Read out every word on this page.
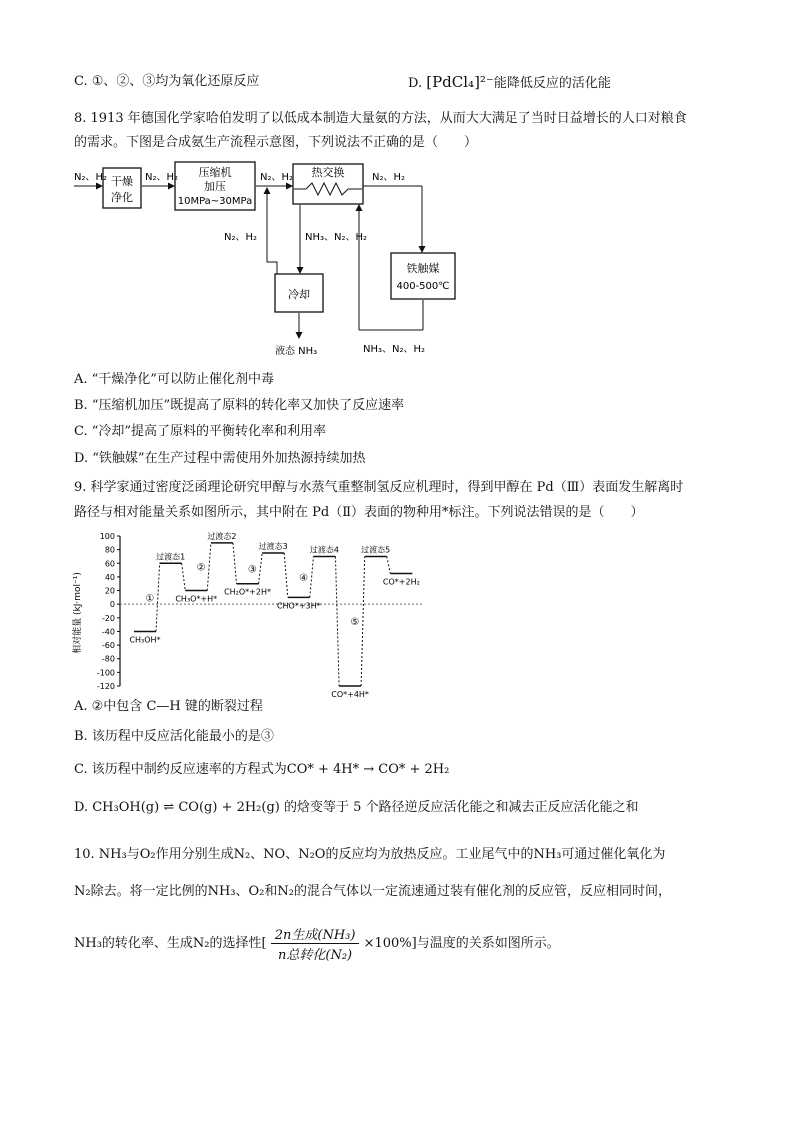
C. ①、②、③均为氧化还原反应	D. [PdCl₄]²⁻能降低反应的活化能
8. 1913 年德国化学家哈伯发明了以低成本制造大量氨的方法，从而大大满足了当时日益增长的人口对粮食
的需求。下图是合成氨生产流程示意图，下列说法不正确的是（　　）
N₂、H₂ 干燥
净化
N₂、H₂ 压缩机
加压
10MPa~30MPa
N₂、H₂ 热交换	N₂、H₂
铁触媒
400-500℃
NH₃、N₂、H₂
NH₃、N₂、H₂
冷却
N₂、H₂
液态 NH₃
A. “干燥净化”可以防止催化剂中毒
B. “压缩机加压”既提高了原料的转化率又加快了反应速率
C. “冷却”提高了原料的平衡转化率和利用率
D. “铁触媒”在生产过程中需使用外加热源持续加热
9. 科学家通过密度泛函理论研究甲醇与水蒸气重整制氢反应机理时，得到甲醇在 Pd（Ⅲ）表面发生解离时
路径与相对能量关系如图所示，其中附在 Pd（Ⅱ）表面的物种用*标注。下列说法错误的是（　　）
相对能量 (kJ·mol⁻¹)
100
80
60
40
20
0
-20
-40
-60
-80
-100
-120
CH₃OH*
过渡态1
CH₃O*+H*
过渡态2
CH₂O*+2H*
过渡态3
CHO*+3H*
过渡态4
CO*+4H*
过渡态5
CO*+2H₂
①
②	③
④
⑤
A. ②中包含 C—H 键的断裂过程
B. 该历程中反应活化能最小的是③
C. 该历程中制约反应速率的方程式为CO* + 4H* → CO* + 2H₂
D. CH₃OH(g) ⇌ CO(g) + 2H₂(g) 的焓变等于 5 个路径逆反应活化能之和减去正反应活化能之和
10. NH₃与O₂作用分别生成N₂、NO、N₂O的反应均为放热反应。工业尾气中的NH₃可通过催化氧化为
N₂除去。将一定比例的NH₃、O₂和N₂的混合气体以一定流速通过装有催化剂的反应管，反应相同时间，
NH₃的转化率、生成N₂的选择性[ $\frac{\text{2n生成(NH₃)}}{\text{n总转化(N₂)}} \times 100\%$]与温度的关系如图所示。
